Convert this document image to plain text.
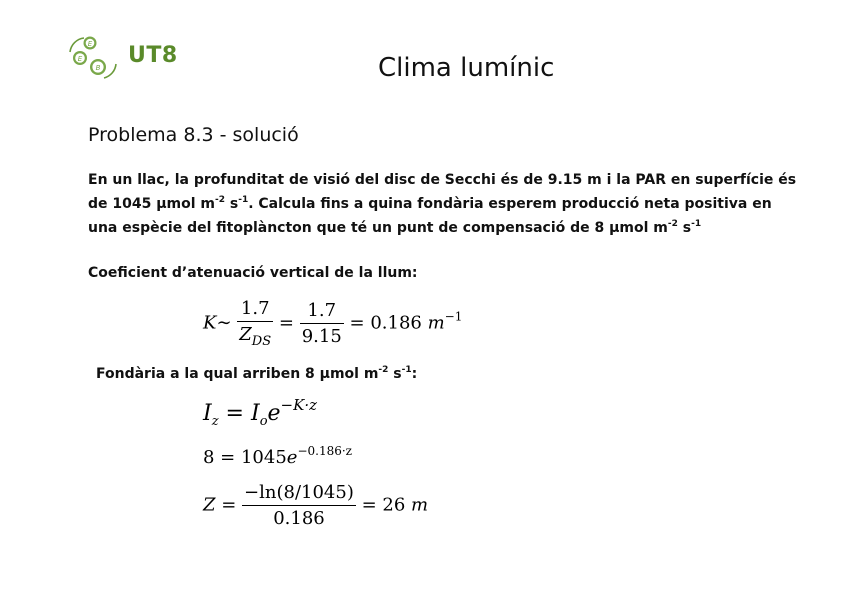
E
E
B UT8	Clima lumínic
Problema 8.3 - solució
En un llac, la profunditat de visió del disc de Secchi és de 9.15 m i la PAR en superfície és
de 1045 µmol $m^{-2}$ $s^{-1}$. Calcula fins a quina fondària esperem producció neta positiva en
una espècie del fitoplàncton que té un punt de compensació de 8 µmol $m^{-2}$ $s^{-1}$
Coeficient d’atenuació vertical de la llum:
K∼ $\frac{1.7}{Z_{DS}} = \frac{1.7}{9.15} = 0.186$ $m^{-1}$
Fondària a la qual arriben 8 µmol $m^{-2}$ $s^{-1}$:
$I_z = I_oe^{-K\cdot z}$
$8 = 1045e^{-0.186\cdot z}$
$Z = \frac{-\ln(8/1045)}{0.186} = 26$ m
